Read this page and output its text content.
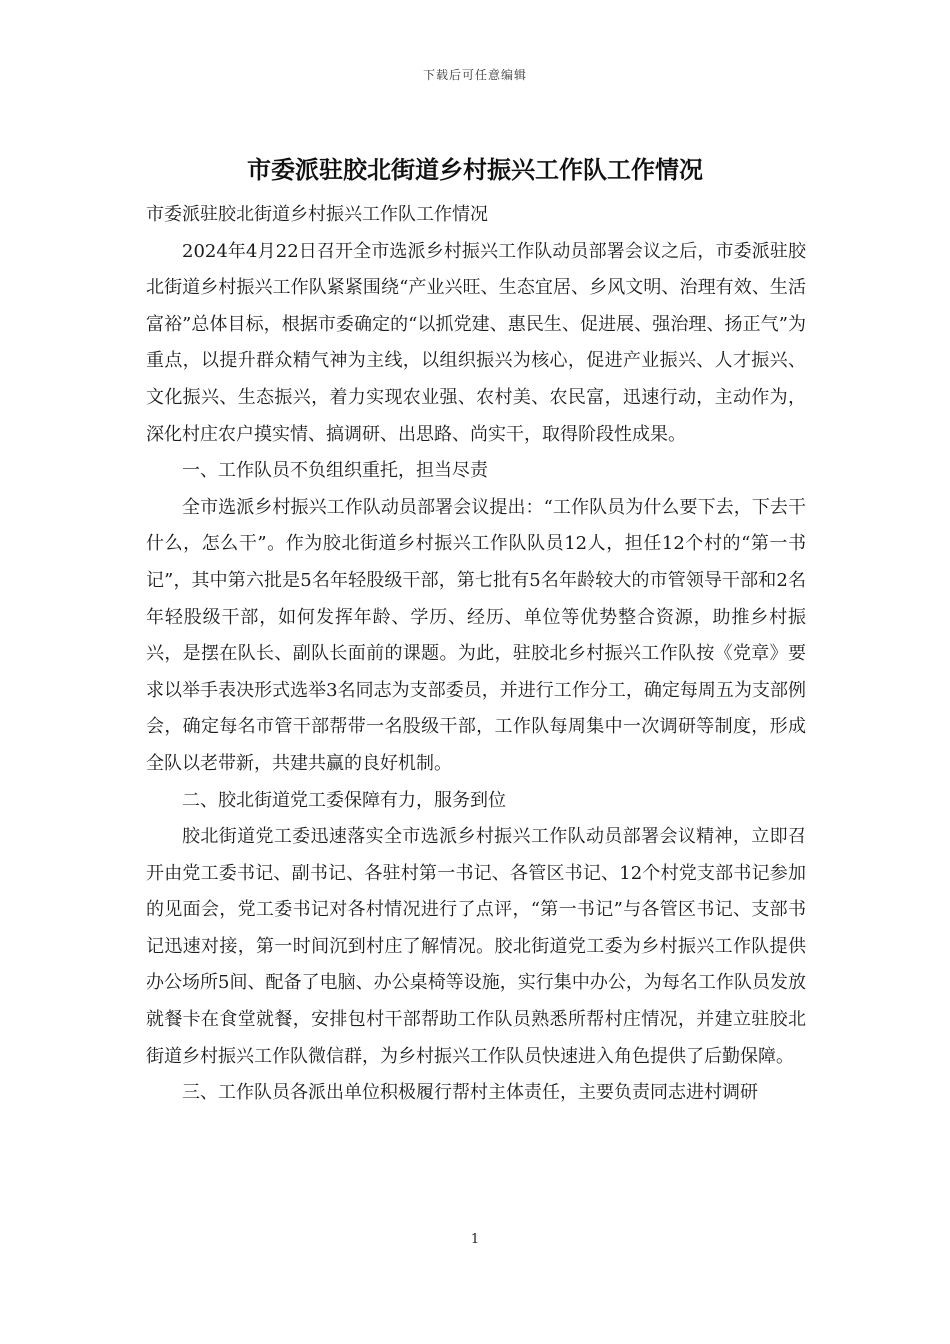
下载后可任意编辑
市委派驻胶北街道乡村振兴工作队工作情况

市委派驻胶北街道乡村振兴工作队工作情况

2024年4月22日召开全市选派乡村振兴工作队动员部署会议之后，市委派驻胶北街道乡村振兴工作队紧紧围绕“产业兴旺、生态宜居、乡风文明、治理有效、生活富裕”总体目标，根据市委确定的“以抓党建、惠民生、促进展、强治理、扬正气”为重点，以提升群众精气神为主线，以组织振兴为核心，促进产业振兴、人才振兴、文化振兴、生态振兴，着力实现农业强、农村美、农民富，迅速行动，主动作为，深化村庄农户摸实情、搞调研、出思路、尚实干，取得阶段性成果。

一、工作队员不负组织重托，担当尽责

全市选派乡村振兴工作队动员部署会议提出：“工作队员为什么要下去，下去干什么，怎么干”。作为胶北街道乡村振兴工作队队员12人，担任12个村的“第一书记”，其中第六批是5名年轻股级干部，第七批有5名年龄较大的市管领导干部和2名年轻股级干部，如何发挥年龄、学历、经历、单位等优势整合资源，助推乡村振兴，是摆在队长、副队长面前的课题。为此，驻胶北乡村振兴工作队按《党章》要求以举手表决形式选举3名同志为支部委员，并进行工作分工，确定每周五为支部例会，确定每名市管干部帮带一名股级干部，工作队每周集中一次调研等制度，形成全队以老带新，共建共赢的良好机制。

二、胶北街道党工委保障有力，服务到位

胶北街道党工委迅速落实全市选派乡村振兴工作队动员部署会议精神，立即召开由党工委书记、副书记、各驻村第一书记、各管区书记、12个村党支部书记参加的见面会，党工委书记对各村情况进行了点评，“第一书记”与各管区书记、支部书记迅速对接，第一时间沉到村庄了解情况。胶北街道党工委为乡村振兴工作队提供办公场所5间、配备了电脑、办公桌椅等设施，实行集中办公，为每名工作队员发放就餐卡在食堂就餐，安排包村干部帮助工作队员熟悉所帮村庄情况，并建立驻胶北街道乡村振兴工作队微信群，为乡村振兴工作队员快速进入角色提供了后勤保障。

三、工作队员各派出单位积极履行帮村主体责任，主要负责同志进村调研

1
